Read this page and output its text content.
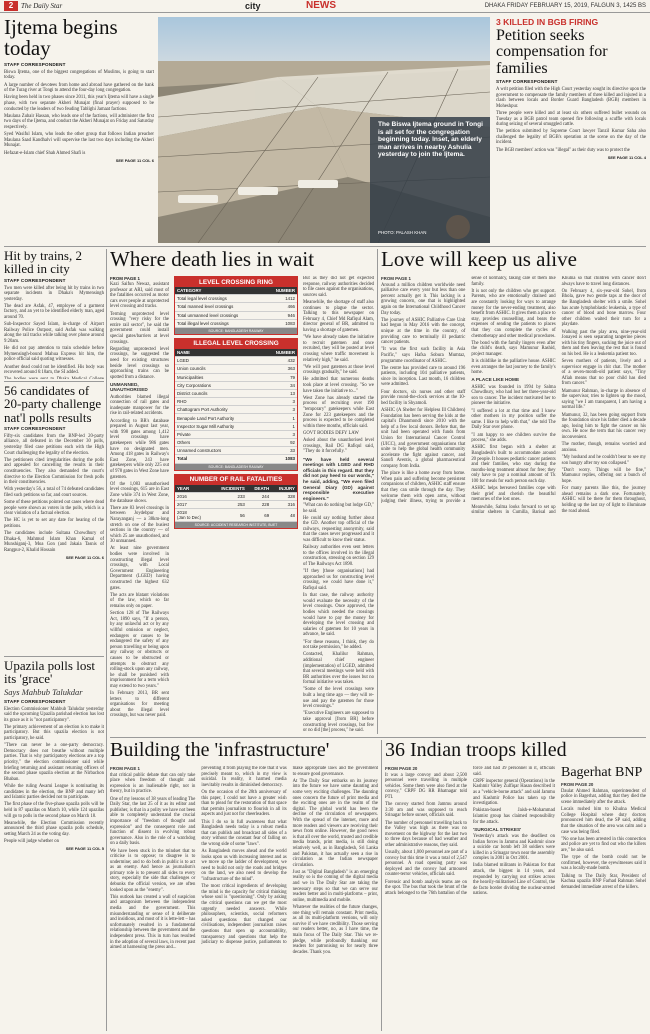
2	The Daily Star	city	NEWS	DHAKA FRIDAY FEBRUARY 15, 2019, FALGUN 3, 1425 BS
Ijtema begins today
STAFF CORRESPONDENT

Biswa Ijtema, one of the biggest congregations of Muslims, is going to start today.

A large number of devotees from home and abroad have gathered on the bank of the Turag river at Tongi to attend the four-day long congregation.

Having been held in two phases since 2011, this year's Ijtema will have a single phase, with two separate Akheri Munajat (final prayer) supposed to be conducted by the leaders of two feuding Tablighi Jamaat factions.

Maulana Zubair Hassan, who leads one of the factions, will administer the first two days of the Ijtema, and conduct the Akheri Munajat on Friday and Saturday respectively.

Syed Wasiful Islam, who leads the other group that follows Indian preacher Maulana Saad Kandhalvi will supervise the last two days including the Akheri Munajat.

Hefazat-e-Islam chief Shah Ahmed Shafi is

SEE PAGE 11 COL 6
The Biswa Ijtema ground in Tongi is all set for the congregation beginning today. Inset, an elderly man arrives in nearby Ashulia yesterday to join the Ijtema.
PHOTO: PALASH KHAN
3 KILLED IN BGB FIRING
Petition seeks compensation for families
STAFF CORRESPONDENT

A writ petition filed with the High Court yesterday sought its directive upon the government to compensate the family members of three killed and injured in a clash between locals and Border Guard Bangladesh (BGB) members in Moheshpur.

Three people were killed and at least six others suffered bullet wounds on Tuesday as a BGB patrol team opened fire following a scuffle with locals during seizing of several smuggled cattle.

The petition submitted by Supreme Court lawyer Tanzil Kumar Saha also challenged the legality of BGB's operation at the scene on the day of the incident.

The BGB members' action was "illegal" as their duty was to protect the

SEE PAGE 11 COL 4
Hit by trains, 2 killed in city
STAFF CORRESPONDENT

Two men were killed after being hit by trains in two separate incidents in Dhaka's Mymensingh yesterday.

The dead are Asfak, 47, employee of a garment factory, and an yet to be identified elderly man, aged around 70.

Sub-Inspector Sayed Islam, in-charge of Airport Railway Police Outpost, said Asfak was walking along the rail tracks while talking over phone around 9:20am.

He did not pay attention to train schedule before Mymensingh-bound Mahua Express hit him, the police official said quoting witnesses.

Another dead could not be identified. His body was recovered around 6:10am, the SI added.

56 candidates of 20-party challenge nat'l polls results
STAFF CORRESPONDENT

Fifty-six candidates from the BNP-led 20-party alliance, all defeated in the December 30 polls, yesterday filed case petitions each with the High Court challenging the legality of the election.

The petitioners cited irregularities during the polls and appealed for cancelling the results in their constituencies. They also demanded the court's directive to the Election Commission for fresh polls in their constituencies.

With yesterday's 56, a total of 74 defeated candidates filed such petitions so far, and court sources.

Some of these petitions pointed out cases where dead people were shown as voters in the polls, which is a clear violation of a factual election.

The HC is yet to set any date for hearing of the petitions.

The candidates include Sultana Chowdhury of Dhaka-6, Mahmud Islam Khan Kamal of Munshiganj-3, Moa Gon (and Jakaia Tasnis of Rangpur-2, Khalid Hossain

SEE PAGE 11 COL 6
Upazila polls lost its 'grace'
Says Mahbub Talukdar
STAFF CORRESPONDENT

Election Commissioner Mahbub Talukdar yesterday said the upcoming Upazila parishad election has lost its grace as it is "not participatory".

The primary achievement of an election is to make it participatory. But this upazila election is not participatory, he said.

"There can never be a one-party democracy. Democracy does not breathe without multiple parties. That is why participatory elections are a top priority," the election commissioner said while briefing returning and assistant returning officers of the second phase upazila election at the Nirbachon Bhaban.

While the ruling Awami League is nominating its candidates in the election, the BNP and many left and Islamic parties decided not to participate.

The first phase of the five-phase upazila polls will be held in 87 upazilas on March 10, while 124 upazilas will go to polls in the second phase on March 18.

Meanwhile, the Election Commission recently announced the third phase upazila polls schedule, setting March 24 as the voting day.

People will judge whether on

SEE PAGE 11 COL 5
Where death lies in wait
FROM PAGE 1

Kazi Saifun Newaz, assistant professor at ARI, said most of the fatalities occurred as motor cars over people at unprotected level crossing and tracks.

Terming unprotected level crossing "very risky for the entire rail sector", he said the government could install special gates/barriers at level crossings.

Regarding unprotected level crossings, he suggested the need for existing structures beside level crossings so approaching trains can be spotted from a distance.

UNMANNED, UNAUTHORISED

Authorities blamed illegal connection of rail gates and inadequate manpower for the rise in rail-related accidents.

According to BR's database prepared in August last year, with 998 gates among 1,412 level crossings have gatekeepers while 986 gates have no designated men. Among 418 gates in Railway's East Zone, 243 have gatekeepers while only 225 out of 978 gates in West Zone have gatemen.

Of the 1,083 unauthorised level crossings, 615 are in East Zone while 374 in West Zone, the database shows.

There are 83 level crossings in between Joydebpur and Narayanganj — a 38km-long stretch on one of the busiest sections in the country — of which 25 are unauthorised, and 30 unmanned.

At least nine government bodies were involved in constructing illegal level crossings, with Local Government Engineering Department (LGED) having constructed the highest 632 gates.

The acts are blatant violations of the law, which so far remains only on paper.

Section 128 of The Railways Act, 1890 says, "If a person, by any unlawful act or by any willful omission or neglect, endangers or causes to be endangered the safety of any person travelling or being upon any railway or obstructs or causes to be obstructed or attempts to obstruct any rolling-stock upon any railway, he shall be punished with imprisonment for a term which may extend to two years."

In February 2013, BR sent letters to different organisations for meeting about the illegal level crossings, but was never paid.

LEVEL CROSSING RING
CATEGORY	NUMBER
Total legal level crossings	1412
Total manned level crossings	466
Total unmanned level crossings	946
Total illegal level crossings	1083
SOURCE: BANGLADESH RAILWAY
ILLEGAL LEVEL CROSSING
NAME	NUMBER
LGED	432
Union councils	363
Municipalities	79
City Corporations	34
District councils	13
RHD	3
Chattogram Port Authority	3
Benapole Land Port Authority	1
Inspector Sugar Mill Authority	1
Private	3
Others	92
Unnamed constructors	33
Total	1083
SOURCE: BANGLADESH RAILWAY
NUMBER OF RAIL FATALITIES
YEAR	INCIDENTS	DEATH	INJURY
2016	233	244	328
2017	253	228	316
2018
(Jan to Dec)	56	69	48
SOURCE: ACCIDENT RESEARCH INSTITUTE, BUET

But as they did not get expected response, railway authorities decided to file cases against the organisations, sources said.

Meanwhile, the shortage of staff also continues to plague the sector. Talking to this newspaper on February 4, Chief Md Rafiqul Alam, director general of BR, admitted to having a shortage of gatemen.

"We have already taken the initiative to recruit gatemen and once recruited, they will be posted at level crossing where traffic movement is relatively high," he said.

"We will post gatemen at those level crossings gradually," he said.

He admitted that numerous deaths took place at level crossing. "So we have taken the initiative to..."

West Zone has already started the process of recruiting over 190 "temporary" gatekeepers while East Zone for 223 gatekeepers and the process is expected to be completed within three months, officials said.

GOVT BODIES DEFY LAW

Asked about the unauthorised level crossings, Rail DG Rafiqul said, "They do it forcefully."

"We have held several meetings with LGED and RHD officials in this regard. But they did not pay heed to our words," he said, adding, "We even filed General Diary (GD) against responsible executive engineers."

"What can do nothing but lodge GD," he said.

He could say nothing further about the GD. Another top official of the railways, requesting anonymity, said that the cases never progressed and it was difficult to know their status.

Railway authorities even sent letters to the offices involved in the illegal construction, stressing on section 129 of The Railways Act 1890.

"If they [those organisations] had approached us for constructing level crossing, we could have done it," Rafiqul said.

In that case, the railway authority would evaluate the necessity of the level crossings. Once approved, the bodies which needed the crossings would have to pay the money for developing the level crossing and salaries of gatemen for 10 years in advance, he said.

"For these reasons, I think, they do not take permission," he added.

Contacted, Khalilur Rahman, additional chief engineer (implementation) of LGED, admitted that several meetings were held with BR authorities over the issues but no formal initiative was taken.

"Some of the level crossings were built a long time ago — they will re-use and pay the gatemen for those level crossings."

"Executive Engineers are supposed to take approval [from BR] before constructing level crossings, but few or no did [the] process," he said.

Love will keep us alive
FROM PAGE 1

Around a million children worldwide need palliative care every year but less than one percent actually get it. This lacking is a growing concern, one that is highlighted again on the International Childhood Cancer Day today.

The journey of ASHIC Palliative Care Unit had begun in May 2016 with the concept, unique at the time in the country, of providing care to terminally ill pediatric cancer patients.

"It was the first such facility in Asia Pacific," says Hafsa Sobura Mumtaz, programme coordinator of ASHIC.

The centre has provided care to around 196 patients, including 104 palliative patients, since its inception. Last month, 16 children were admitted.

Four doctors, six nurses and other staff provide round-the-clock services at the 10-bed facility in Shyamoli.

ASHIC (A Shelter for Helpless Ill Children) Foundation has been serving the kids at the capital's Dhanmondi since 2010 with the help of a few local donors. Before that, the unit had been operated with funds from Union for International Cancer Control (UICC), and government organisations that unite to help the global health community accelerate the fight against cancer, and Sanofi Aventis, a global pharmaceutical company from India.

The place is like a home away from home. When pain and suffering become persistent companions of children, ASHIC staff ensure that they can smile through the day. They welcome them with open arms, without judging their illness, trying to provide a sense of normalcy, taking care of them like family.

It is not only the children who get support. Parents, who are emotionally drained and are constantly looking for ways to arrange money for the never-ending treatment, also benefit from ASHIC. It gives them a place to stay, provides counselling, and bears the expenses of sending the patients to places that they can complete the cycles of chemotherapy and other medical procedures.

The bond with the family lingers even after the child's death, says Mamunur Rashid, project manager.

It is childlike in the palliative house. ASHIC even arranges the last journey to the family's home.

A PLACE LIKE HOME

ASHIC was founded in 1994 by Salma Chowdhury, who had lost her three-year-old son to cancer. The incident motivated her to pioneer the initiative.

"I suffered a lot at that time and I know other mothers in my position suffer the same. I like to help with that," she told The Daily Star over phone.

"I am happy to see children survive the process," she adds.

ASHIC first began with a shelter at Bangladesh's built to accommodate around 20 people. It houses pediatric cancer patients and their families, who stay during the months-long treatment almost for free; they only have to pay a nominal amount of Tk 100 for meals for each person each day.

ASHIC helps bereaved families cope with their grief and cherish the beautiful memories of the lost ones.

Meanwhile, Salma looks forward to set up similar shelters in Cumilla, Barisal and Khulna so that children with cancer don't always have to travel long distances.

On February 4, six-year-old Sohel, from Bhola, gave two gentle taps at the door of the Bangladesh shelter with a smile. Sohel has acute lymphoblastic leukemia, a type of cancer of blood and bone marrow. Four other children waited their turn for a playdate.

Walking past the play area, nine-year-old Jonayed is seen separating tangerine pieces with his tiny fingers, sucking the juice out of them and then leaving the rest that is found on his bed. He is a leukemia patient too.

Seven mothers of patients, lively and a supervisor engage in chit chat. The mother of a seven-month-old patient says, "Tiny Afiah means that no poor child has died from cancer."

Mamunur Rahman, in-charge in absence of the supervisor, tries to lighten up the mood, saying "we I am transparent, I am having a normal life."

Mamunur, 32, has been going support from the foundation since his father died a decade ago, losing him to fight the cancer on his own. He now the term that his cancer very inconvenient.

The mother, though, remains worried and anxious.

"My husband and he couldn't bear to see my son hungry after my son collapsed."

"Don't worry. Things will be fine," Mamunur replies, offering out a bunch of hope.

For many parents like this, the journey ahead remains a dark one. Fortunately, ASHIC will be there for them throughout, holding up the last ray of light to illuminate the road ahead.

Building the 'infrastructure'
FROM PAGE 1

that critical public debate that can only take place when freedom of thought and expression is an inalienable right, not in theory, but in practice.

One of my lessons of 38 years of leading The Daily Star, the last 25 of it as its editor and publisher, is that in a polity we have not been able to completely understand the crucial importance of "freedom of thought and expression" and the consequent role and function of dissent in evolving robust governance. Also in the role of a watchdog on a daily basis.

We have been stuck in the mindset that to criticise is to oppose; to disagree is to undermine; and to do both in public is to act as an enemy. And hence as journalism's primary role is to present all sides to every story, especially the side that challenges or debunks the official version, we are often looked upon as the "enemy".

This outlook has created a wall of suspicion and antagonism between the independent media and the government. This misunderstanding or sense of it deliberate and insidious, and most of it is lette-lett – has unfortunately resulted in a fundamental relationship between the government and the independent press. This in turn has resulted in the adoption of several laws, in recent past aimed at harnessing the press and...

preventing it from playing the role that it was precisely meant to, which in my view is suicidal. In reality, it harmed media inevitably results in diminished democracy.

On the occasion of the 28th anniversary of this paper, I could not have a greater wish than to plead for the restoration of that space that permits journalism to flourish in all its aspects and just not for cheerleaders.

This I do so in full awareness that what Bangladesh needs today is a robust media that can publish and broadcast all sides of a story without the constant fear of falling on the wrong side of some "laws".

As Bangladesh moves ahead and the world looks upon us with increasing interest and as we move up the ladder of development, we need to build not only the roads and bridges on the land, we also need to develop the "infrastructure of the mind".

The most critical ingredients of developing the mind is the capacity for critical thinking whose soul is "questioning". Only by asking the critical questions can we get the most urgently needed answers. While philosophers, scientists, social reformers asked questions that changed our civilisations, independent journalism raises questions that open up accountability, transparency and questions that help the judiciary to dispense justice, parliaments to make appropriate laws and the government to ensure good governance.

At The Daily Star embarks on its journey into the future we have some daunting and some very exciting challenges. The daunting ones concern the future of print media and the exciting ones are in the realm of the digital. The global world has been the decline of the circulation of newspapers. With the spread of the internet, more and more readers and viewers are receiving their news from online. However, the good news is that all over the world, trusted and credible media brands, print media, is still doing relatively well, as in Bangladesh, Sri Lanka and Pakistan, it has actually seen a rise in circulation as the Indian newspaper circulation.

Just as "Digital Bangladesh" is an emerging reality so is the coming of the digital media and we in The Daily Star are taking the necessary steps so that we can serve our readers better and in multi-platforms – print, online, multimedia and mobile.

Whatever the realities of the future changes, one thing will remain constant. Print media, as all its multi-platform versions, will only survive if we have credibility. Those serving our readers better, no, as I have time, the main focus of The Daily Star. This we re-pledge, while profoundly thanking our readers for patronising us for nearly three decades. Thank you.

36 Indian troops killed
FROM PAGE 20

It was a large convoy and about 2,500 personnel were travelling in multiple vehicles. Some them were also fired at the convoy," CRPF DG RR Bhatnagar told PTI.

The convoy started from Jammu around 3:30 am and was supposed to reach Srinagar before sunset, officials said.

The number of personnel travelling back to the Valley was high as there was no movement on the highway for the last two to three days because of bad weather and other administrative reasons, they said.

Usually, about 1,000 personnel are part of a convoy but this time it was a total of 2,547 personnel. A road opening party was deployed and the convoy had armoured counter-terror vehicles, officials said.

Forensic and bomb analysis teams are on the spot. The bus that took the brunt of the attack belonged to the 76th battalion of the force and had 39 personnel in it, officials said.

CRPF inspector general (Operations) in the Kashmir Valley Zulfiqar Hasan described it as a "vehicle-borne attack" and said Jammu and Kashmir Police has taken up the investigation.

Pakistan-based Jaish-e-Mohammad Islamist group has claimed responsibility for the attack.

'SURGICAL STRIKES'

Yesterday's attack was the deadliest on Indian forces in Jammu and Kashmir since a suicide car bomb left 38 soldiers were killed in a Srinagar town near the assembly complex in 2001 in Oct 2001.

India blamed militants in Pakistan for that attack, the biggest in 14 years, and responded by carrying out strikes across the heavily-militarised Line of Control, the de facto border dividing the nuclear-armed nations.

Bagerhat BNP
FROM PAGE 20

Daulat Ahmed Rahman, superintendent of police in Bagerhat, adding that they died the scene immediately after the attack.

Locals rushed him to Khulna Medical College Hospital where duty doctors pronounced him dead, the SP said, adding that the situation of the area was calm and a case was being filed.

"No one has been arrested in this connection and police are yet to find out who the killers are," he also said.

The type of the bomb could not be confirmed, however, the eyewitnesses said it was a locally-made bomb.

Talking to The Daily Star, President of Kachua upazila BNP Farhad Rahman Sohel demanded immediate arrest of the killers.
